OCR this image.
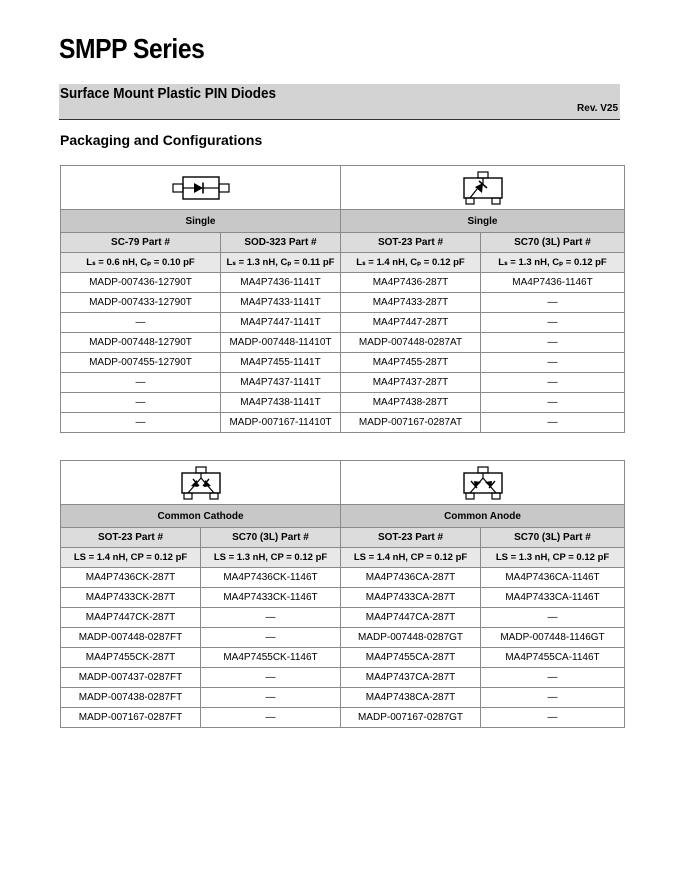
SMPP Series
Surface Mount Plastic PIN Diodes
Rev. V25
Packaging and Configurations

Single		Single	
SC-79 Part #	SOD-323 Part #	SOT-23 Part #	SC70 (3L) Part #
Lₛ = 0.6 nH, Cₚ = 0.10 pF	Lₛ = 1.3 nH, Cₚ = 0.11 pF	Lₛ = 1.4 nH, Cₚ = 0.12 pF	Lₛ = 1.3 nH, Cₚ = 0.12 pF
MADP-007436-12790T	MA4P7436-1141T	MA4P7436-287T	MA4P7436-1146T
MADP-007433-12790T	MA4P7433-1141T	MA4P7433-287T	—
—	MA4P7447-1141T	MA4P7447-287T	—
MADP-007448-12790T	MADP-007448-11410T	MADP-007448-0287AT	—
MADP-007455-12790T	MA4P7455-1141T	MA4P7455-287T	—
—	MA4P7437-1141T	MA4P7437-287T	—
—	MA4P7438-1141T	MA4P7438-287T	—
—	MADP-007167-11410T	MADP-007167-0287AT	—

Common Cathode		Common Anode	
SOT-23 Part #	SC70 (3L) Part #	SOT-23 Part #	SC70 (3L) Part #
LS = 1.4 nH, CP = 0.12 pF	LS = 1.3 nH, CP = 0.12 pF	LS = 1.4 nH, CP = 0.12 pF	LS = 1.3 nH, CP = 0.12 pF
MA4P7436CK-287T	MA4P7436CK-1146T	MA4P7436CA-287T	MA4P7436CA-1146T
MA4P7433CK-287T	MA4P7433CK-1146T	MA4P7433CA-287T	MA4P7433CA-1146T
MA4P7447CK-287T	—	MA4P7447CA-287T	—
MADP-007448-0287FT	—	MADP-007448-0287GT	MADP-007448-1146GT
MA4P7455CK-287T	MA4P7455CK-1146T	MA4P7455CA-287T	MA4P7455CA-1146T
MADP-007437-0287FT	—	MA4P7437CA-287T	—
MADP-007438-0287FT	—	MA4P7438CA-287T	—
MADP-007167-0287FT	—	MADP-007167-0287GT	—
